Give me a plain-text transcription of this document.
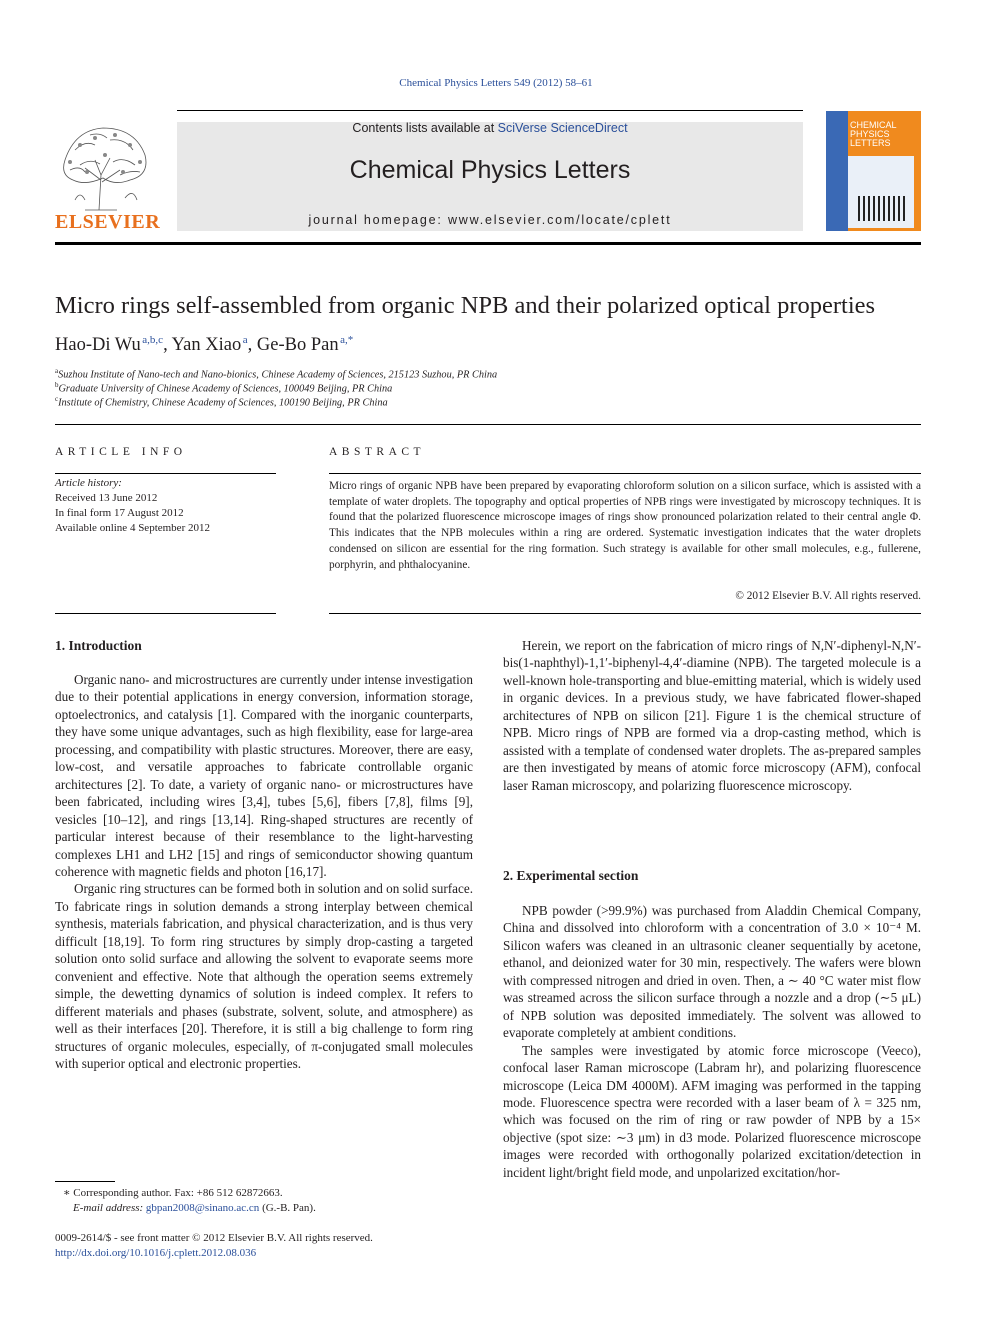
Chemical Physics Letters 549 (2012) 58–61
ELSEVIER
Contents lists available at SciVerse ScienceDirect
Chemical Physics Letters
journal homepage: www.elsevier.com/locate/cplett
CHEMICAL
PHYSICS
LETTERS
Micro rings self-assembled from organic NPB and their polarized optical properties
Hao-Di Wu  $^{a,b,c}$, Yan Xiao  $^a$, Ge-Bo Pan  $^{a,*}$
$^a$Suzhou Institute of Nano-tech and Nano-bionics, Chinese Academy of Sciences, 215123 Suzhou, PR China
$^b$Graduate University of Chinese Academy of Sciences, 100049 Beijing, PR China
$^c$Institute of Chemistry, Chinese Academy of Sciences, 100190 Beijing, PR China
ARTICLE INFO
Article history:
Received 13 June 2012
In final form 17 August 2012
Available online 4 September 2012
ABSTRACT
Micro rings of organic NPB have been prepared by evaporating chloroform solution on a silicon surface, which is assisted with a template of water droplets. The topography and optical properties of NPB rings were investigated by microscopy techniques. It is found that the polarized fluorescence microscope images of rings show pronounced polarization related to their central angle Φ. This indicates that the NPB molecules within a ring are ordered. Systematic investigation indicates that the water droplets condensed on silicon are essential for the ring formation. Such strategy is available for other small molecules, e.g., fullerene, porphyrin, and phthalocyanine.
© 2012 Elsevier B.V. All rights reserved.
1. Introduction

Organic nano- and microstructures are currently under intense investigation due to their potential applications in energy conversion, information storage, optoelectronics, and catalysis [1]. Compared with the inorganic counterparts, they have some unique advantages, such as high flexibility, ease for large-area processing, and compatibility with plastic structures. Moreover, there are easy, low-cost, and versatile approaches to fabricate controllable organic architectures [2]. To date, a variety of organic nano- or microstructures have been fabricated, including wires [3,4], tubes [5,6], fibers [7,8], films [9], vesicles [10–12], and rings [13,14]. Ring-shaped structures are recently of particular interest because of their resemblance to the light-harvesting complexes LH1 and LH2 [15] and rings of semiconductor showing quantum coherence with magnetic fields and photon [16,17].

Organic ring structures can be formed both in solution and on solid surface. To fabricate rings in solution demands a strong interplay between chemical synthesis, materials fabrication, and physical characterization, and is thus very difficult [18,19]. To form ring structures by simply drop-casting a targeted solution onto solid surface and allowing the solvent to evaporate seems more convenient and effective. Note that although the operation seems extremely simple, the dewetting dynamics of solution is indeed complex. It refers to different materials and phases (substrate, solvent, solute, and atmosphere) as well as their interfaces [20]. Therefore, it is still a big challenge to form ring structures of organic molecules, especially, of π-conjugated small molecules with superior optical and electronic properties.

∗ Corresponding author. Fax: +86 512 62872663.
E-mail address: gbpan2008@sinano.ac.cn (G.-B. Pan).
0009-2614/$ - see front matter © 2012 Elsevier B.V. All rights reserved.
http://dx.doi.org/10.1016/j.cplett.2012.08.036

Herein, we report on the fabrication of micro rings of N,N′-diphenyl-N,N′-bis(1-naphthyl)-1,1′-biphenyl-4,4′-diamine (NPB). The targeted molecule is a well-known hole-transporting and blue-emitting material, which is widely used in organic devices. In a previous study, we have fabricated flower-shaped architectures of NPB on silicon [21]. Figure 1 is the chemical structure of NPB. Micro rings of NPB are formed via a drop-casting method, which is assisted with a template of condensed water droplets. The as-prepared samples are then investigated by means of atomic force microscopy (AFM), confocal laser Raman microscopy, and polarizing fluorescence microscopy.

2. Experimental section

NPB powder (>99.9%) was purchased from Aladdin Chemical Company, China and dissolved into chloroform with a concentration of 3.0 × 10⁻⁴ M. Silicon wafers was cleaned in an ultrasonic cleaner sequentially by acetone, ethanol, and deionized water for 30 min, respectively. The wafers were blown with compressed nitrogen and dried in oven. Then, a ∼ 40 °C water mist flow was streamed across the silicon surface through a nozzle and a drop (∼5 μL) of NPB solution was deposited immediately. The solvent was allowed to evaporate completely at ambient conditions.

The samples were investigated by atomic force microscope (Veeco), confocal laser Raman microscope (Labram hr), and polarizing fluorescence microscope (Leica DM 4000M). AFM imaging was performed in the tapping mode. Fluorescence spectra were recorded with a laser beam of λ = 325 nm, which was focused on the rim of ring or raw powder of NPB by a 15× objective (spot size: ∼3 μm) in d3 mode. Polarized fluorescence microscope images were recorded with orthogonally polarized excitation/detection in incident light/bright field mode, and unpolarized excitation/hor-
